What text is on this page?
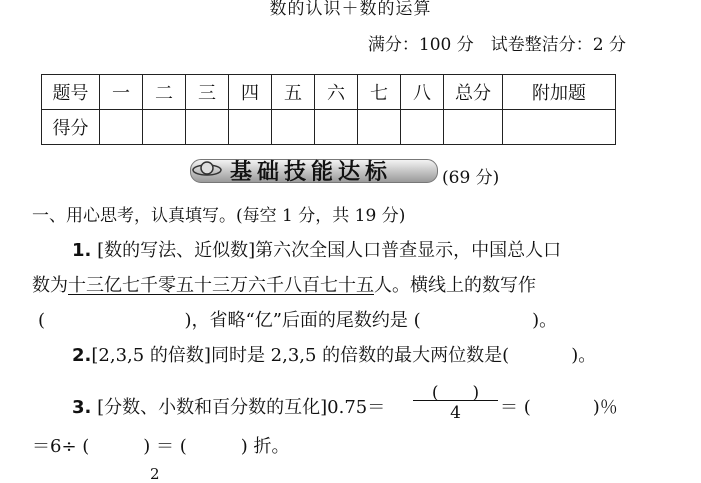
数的认识＋数的运算
满分：100 分　试卷整洁分：2 分
题号	一	二	三	四	五	六	七	八	总分	附加题
得分										
基础技能达标	(69 分)
一、用心思考，认真填写。(每空 1 分，共 19 分)
1. [数的写法、近似数]第六次全国人口普查显示，中国总人口
数为十三亿七千零五十三万六千八百七十五人。横线上的数写作
(	)，省略“亿”后面的尾数约是 (	)。
2.[2,3,5 的倍数]同时是 2,3,5 的倍数的最大两位数是(	)。
3. [分数、小数和百分数的互化]0.75＝
(　　)
4	＝ (	)％
＝6÷ (　　　) ＝ (　　　) 折。
2
